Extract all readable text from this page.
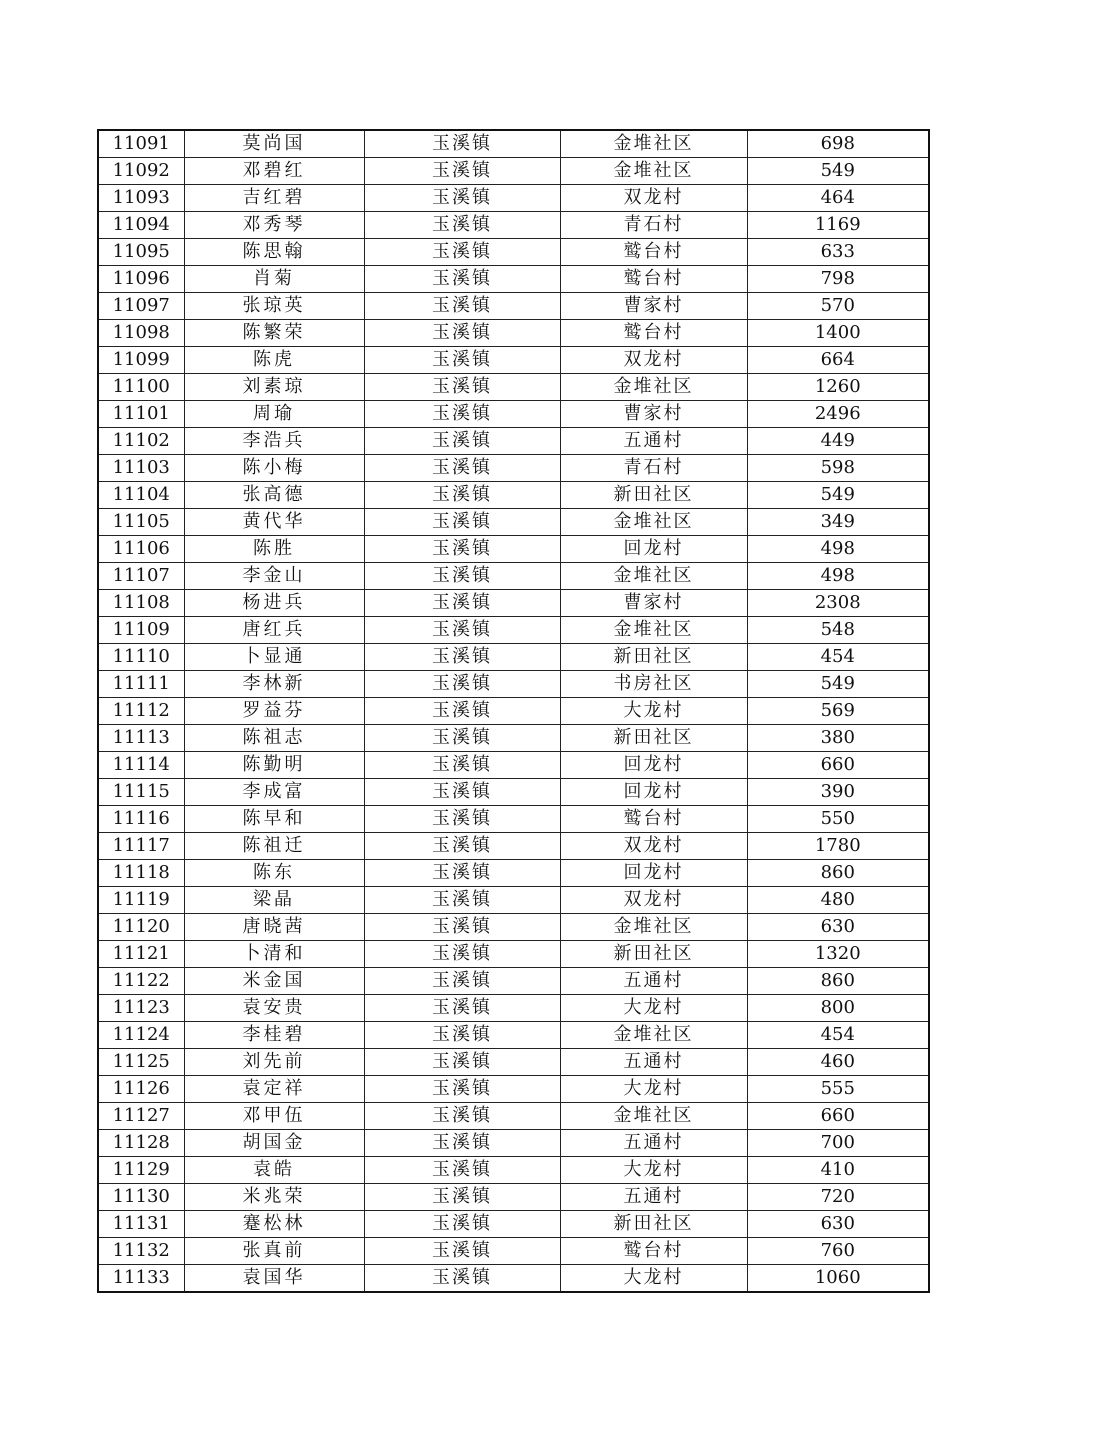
11091	莫尚国	玉溪镇	金堆社区	698
11092	邓碧红	玉溪镇	金堆社区	549
11093	吉红碧	玉溪镇	双龙村	464
11094	邓秀琴	玉溪镇	青石村	1169
11095	陈思翰	玉溪镇	鹫台村	633
11096	肖菊	玉溪镇	鹫台村	798
11097	张琼英	玉溪镇	曹家村	570
11098	陈繁荣	玉溪镇	鹫台村	1400
11099	陈虎	玉溪镇	双龙村	664
11100	刘素琼	玉溪镇	金堆社区	1260
11101	周瑜	玉溪镇	曹家村	2496
11102	李浩兵	玉溪镇	五通村	449
11103	陈小梅	玉溪镇	青石村	598
11104	张高德	玉溪镇	新田社区	549
11105	黄代华	玉溪镇	金堆社区	349
11106	陈胜	玉溪镇	回龙村	498
11107	李金山	玉溪镇	金堆社区	498
11108	杨进兵	玉溪镇	曹家村	2308
11109	唐红兵	玉溪镇	金堆社区	548
11110	卜显通	玉溪镇	新田社区	454
11111	李林新	玉溪镇	书房社区	549
11112	罗益芬	玉溪镇	大龙村	569
11113	陈祖志	玉溪镇	新田社区	380
11114	陈勤明	玉溪镇	回龙村	660
11115	李成富	玉溪镇	回龙村	390
11116	陈早和	玉溪镇	鹫台村	550
11117	陈祖迁	玉溪镇	双龙村	1780
11118	陈东	玉溪镇	回龙村	860
11119	梁晶	玉溪镇	双龙村	480
11120	唐晓茜	玉溪镇	金堆社区	630
11121	卜清和	玉溪镇	新田社区	1320
11122	米金国	玉溪镇	五通村	860
11123	袁安贵	玉溪镇	大龙村	800
11124	李桂碧	玉溪镇	金堆社区	454
11125	刘先前	玉溪镇	五通村	460
11126	袁定祥	玉溪镇	大龙村	555
11127	邓甲伍	玉溪镇	金堆社区	660
11128	胡国金	玉溪镇	五通村	700
11129	袁皓	玉溪镇	大龙村	410
11130	米兆荣	玉溪镇	五通村	720
11131	蹇松林	玉溪镇	新田社区	630
11132	张真前	玉溪镇	鹫台村	760
11133	袁国华	玉溪镇	大龙村	1060
